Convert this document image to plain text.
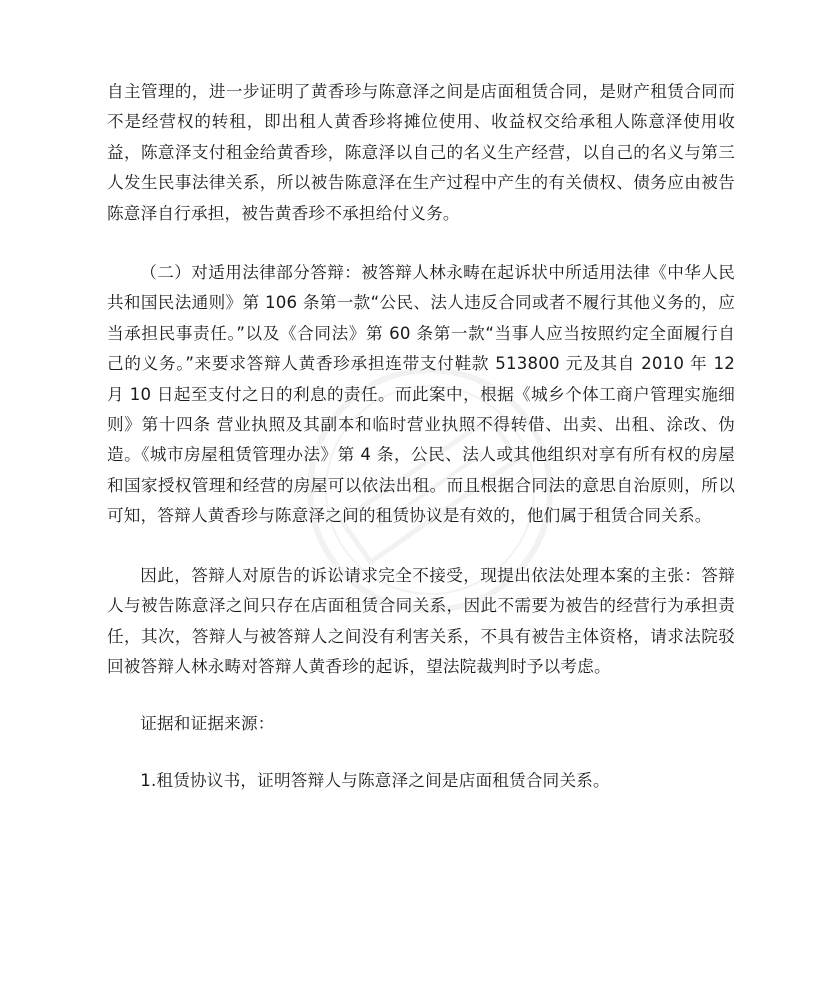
自主管理的，进一步证明了黄香珍与陈意泽之间是店面租赁合同，是财产租赁合同而不是经营权的转租，即出租人黄香珍将摊位使用、收益权交给承租人陈意泽使用收益，陈意泽支付租金给黄香珍，陈意泽以自己的名义生产经营，以自己的名义与第三人发生民事法律关系，所以被告陈意泽在生产过程中产生的有关债权、债务应由被告陈意泽自行承担，被告黄香珍不承担给付义务。

（二）对适用法律部分答辩：被答辩人林永畴在起诉状中所适用法律《中华人民共和国民法通则》第 106 条第一款“公民、法人违反合同或者不履行其他义务的，应当承担民事责任。”以及《合同法》第 60 条第一款“当事人应当按照约定全面履行自己的义务。”来要求答辩人黄香珍承担连带支付鞋款 513800 元及其自 2010 年 12 月 10 日起至支付之日的利息的责任。而此案中，根据《城乡个体工商户管理实施细则》第十四条 营业执照及其副本和临时营业执照不得转借、出卖、出租、涂改、伪造。《城市房屋租赁管理办法》第 4 条，公民、法人或其他组织对享有所有权的房屋和国家授权管理和经营的房屋可以依法出租。而且根据合同法的意思自治原则，所以可知，答辩人黄香珍与陈意泽之间的租赁协议是有效的，他们属于租赁合同关系。

因此，答辩人对原告的诉讼请求完全不接受，现提出依法处理本案的主张：答辩人与被告陈意泽之间只存在店面租赁合同关系，因此不需要为被告的经营行为承担责任，其次，答辩人与被答辩人之间没有利害关系，不具有被告主体资格，请求法院驳回被答辩人林永畴对答辩人黄香珍的起诉，望法院裁判时予以考虑。

证据和证据来源：

1.租赁协议书，证明答辩人与陈意泽之间是店面租赁合同关系。
